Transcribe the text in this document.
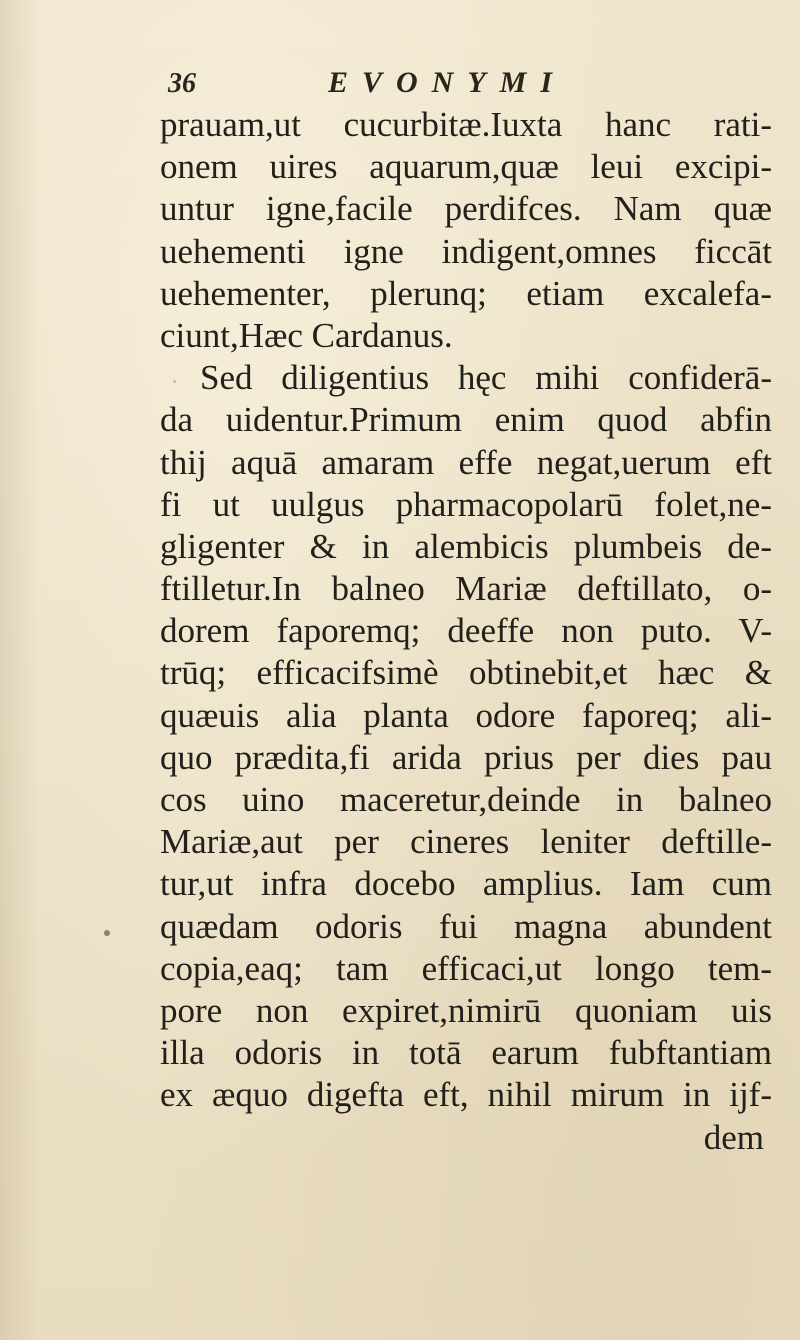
36	EVONYMI
prauam,ut cucurbitæ.Iuxta hanc rati-
onem uires aquarum,quæ leui excipi-
untur igne,facile perdifces. Nam quæ
uehementi igne indigent,omnes ficcāt
uehementer, plerunq; etiam excalefa-
ciunt,Hæc Cardanus.
Sed diligentius hęc mihi confiderā-
da uidentur.Primum enim quod abfin
thij aquā amaram effe negat,uerum eft
fi ut uulgus pharmacopolarū folet,ne-
gligenter & in alembicis plumbeis de-
ftilletur.In balneo Mariæ deftillato, o-
dorem faporemq; deeffe non puto. V-
trūq; efficacifsimè obtinebit,et hæc &
quæuis alia planta odore faporeq; ali-
quo prædita,fi arida prius per dies pau
cos uino maceretur,deinde in balneo
Mariæ,aut per cineres leniter deftille-
tur,ut infra docebo amplius. Iam cum
quædam odoris fui magna abundent
copia,eaq; tam efficaci,ut longo tem-
pore non expiret,nimirū quoniam uis
illa odoris in totā earum fubftantiam
ex æquo digefta eft, nihil mirum in ijf-
dem
